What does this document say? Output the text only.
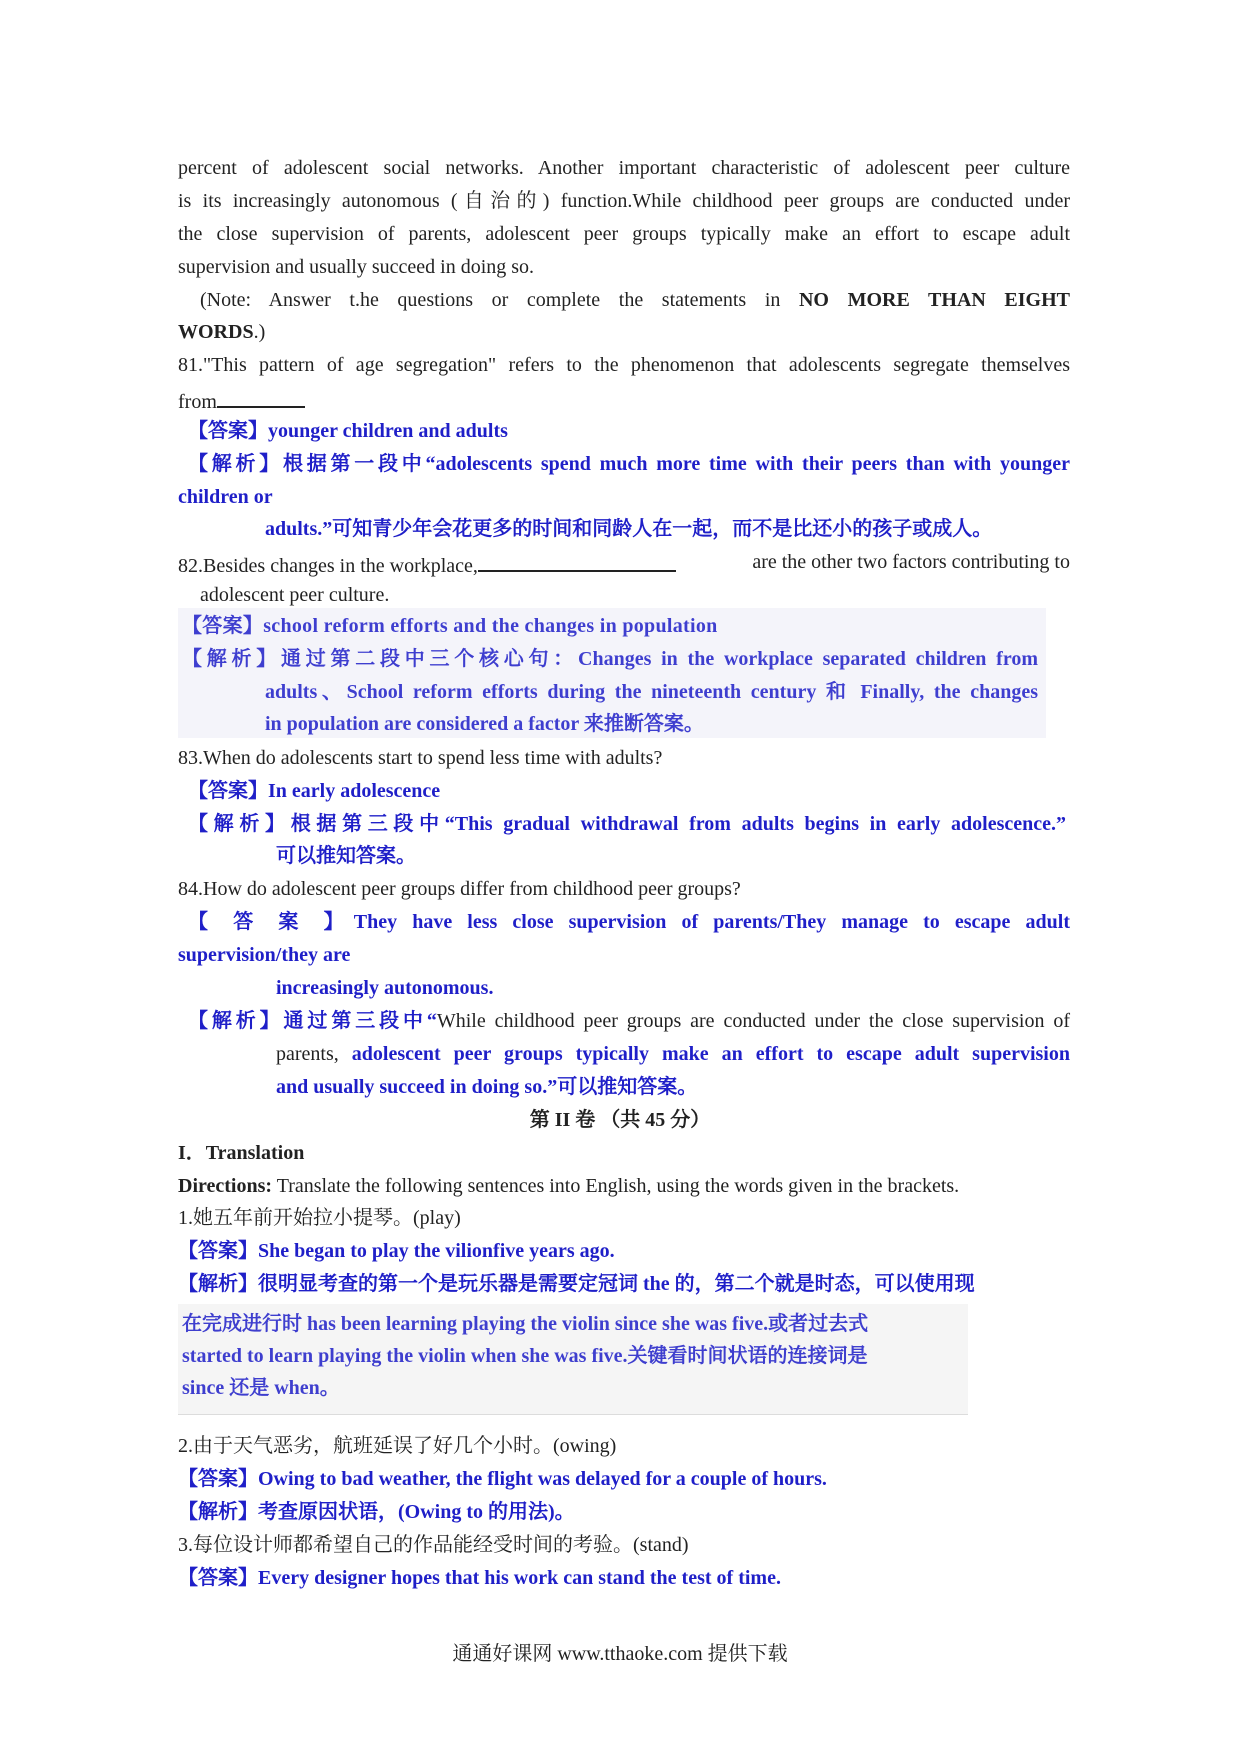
percent of adolescent social networks. Another important characteristic of adolescent peer culture
is its increasingly autonomous (自治的) function.While childhood peer groups are conducted under
the close supervision of parents, adolescent peer groups typically make an effort to escape adult
supervision and usually succeed in doing so.
(Note: Answer t.he questions or complete the statements in NO MORE THAN EIGHT
WORDS.)
81."This pattern of age segregation" refers to the phenomenon that adolescents segregate themselves
from
【答案】younger children and adults
【解析】根据第一段中“adolescents spend much more time with their peers than with younger
children or
adults.”可知青少年会花更多的时间和同龄人在一起，而不是比还小的孩子或成人。
82.Besides changes in the workplace,	are the other two factors contributing to
adolescent peer culture.
【答案】school reform efforts and the changes in population
【解析】通过第二段中三个核心句：Changes in the workplace separated children from
adults、School reform efforts during the nineteenth century 和 Finally, the changes
in population are considered a factor 来推断答案。
83.When do adolescents start to spend less time with adults?
【答案】In early adolescence
【解析】根据第三段中“This gradual withdrawal from adults begins in early adolescence.”
可以推知答案。
84.How do adolescent peer groups differ from childhood peer groups?
【 答 案 】They have less close supervision of parents/They manage to escape adult
supervision/they are
increasingly autonomous.
【解析】通过第三段中“While childhood peer groups are conducted under the close supervision of
parents, adolescent peer groups typically make an effort to escape adult supervision
and usually succeed in doing so.”可以推知答案。
第 II 卷 （共 45 分）
I．Translation
Directions: Translate the following sentences into English, using the words given in the brackets.
1.她五年前开始拉小提琴。(play)
【答案】She began to play the vilionfive years ago.
【解析】很明显考查的第一个是玩乐器是需要定冠词 the 的，第二个就是时态，可以使用现
在完成进行时 has been learning playing the violin since she was five.或者过去式
started to learn playing the violin when she was five.关键看时间状语的连接词是
since 还是 when。
2.由于天气恶劣，航班延误了好几个小时。(owing)
【答案】Owing to bad weather, the flight was delayed for a couple of hours.
【解析】考查原因状语，(Owing to 的用法)。
3.每位设计师都希望自己的作品能经受时间的考验。(stand)
【答案】Every designer hopes that his work can stand the test of time.
通通好课网 www.tthaoke.com 提供下载
